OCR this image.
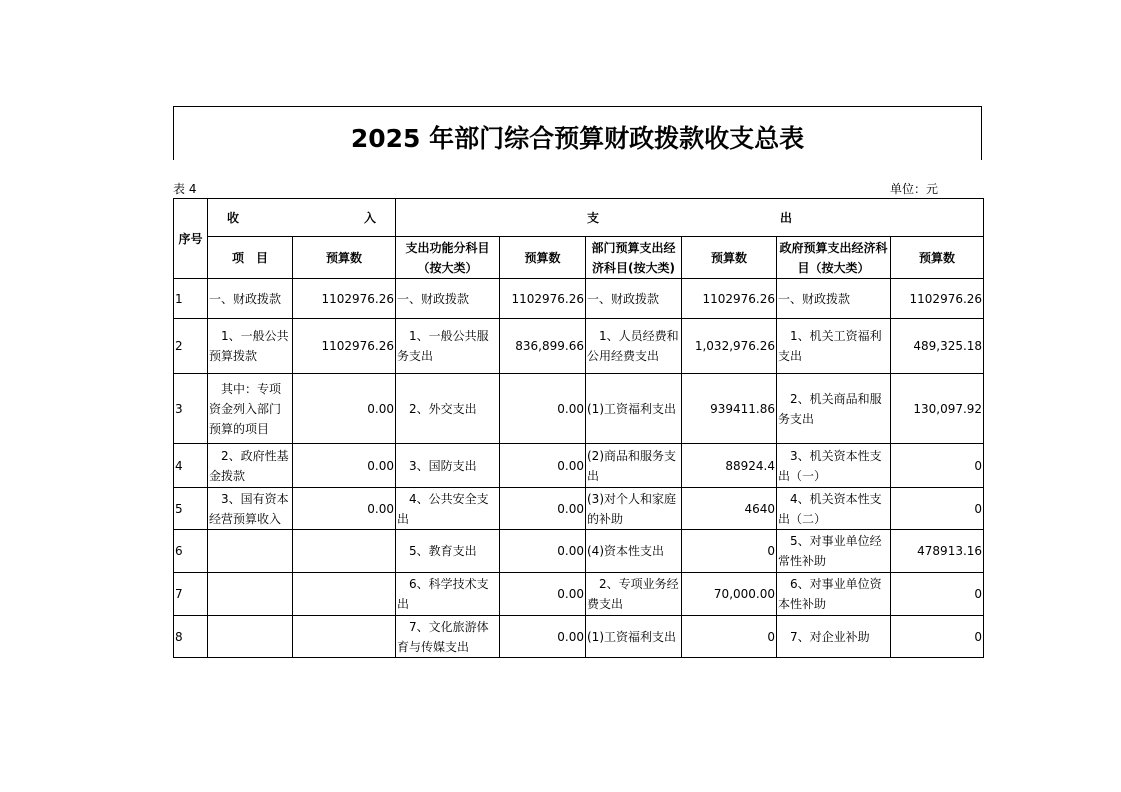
2025 年部门综合预算财政拨款收支总表
表 4	单位：元
序号	收 入		支 出					

	项　目	预算数	支出功能分科目（按大类）	预算数	部门预算支出经济科目(按大类)	预算数	政府预算支出经济科目（按大类）	预算数
1	一、财政拨款	1102976.26	一、财政拨款	1102976.26	一、财政拨款	1102976.26	一、财政拨款	1102976.26
2	　1、一般公共预算拨款	1102976.26	　1、一般公共服务支出	836,899.66	　1、人员经费和公用经费支出	1,032,976.26	　1、机关工资福利支出	489,325.18
3	　其中：专项资金列入部门预算的项目	0.00	　2、外交支出	0.00	(1)工资福利支出	939411.86	　2、机关商品和服务支出	130,097.92
4	　2、政府性基金拨款	0.00	　3、国防支出	0.00	(2)商品和服务支出	88924.4	　3、机关资本性支出（一）	0
5	　3、国有资本经营预算收入	0.00	　4、公共安全支出	0.00	(3)对个人和家庭的补助	4640	　4、机关资本性支出（二）	0
6			　5、教育支出	0.00	(4)资本性支出	0	　5、对事业单位经常性补助	478913.16
7			　6、科学技术支出	0.00	　2、专项业务经费支出	70,000.00	　6、对事业单位资本性补助	0
8			　7、文化旅游体育与传媒支出	0.00	(1)工资福利支出	0	　7、对企业补助	0
